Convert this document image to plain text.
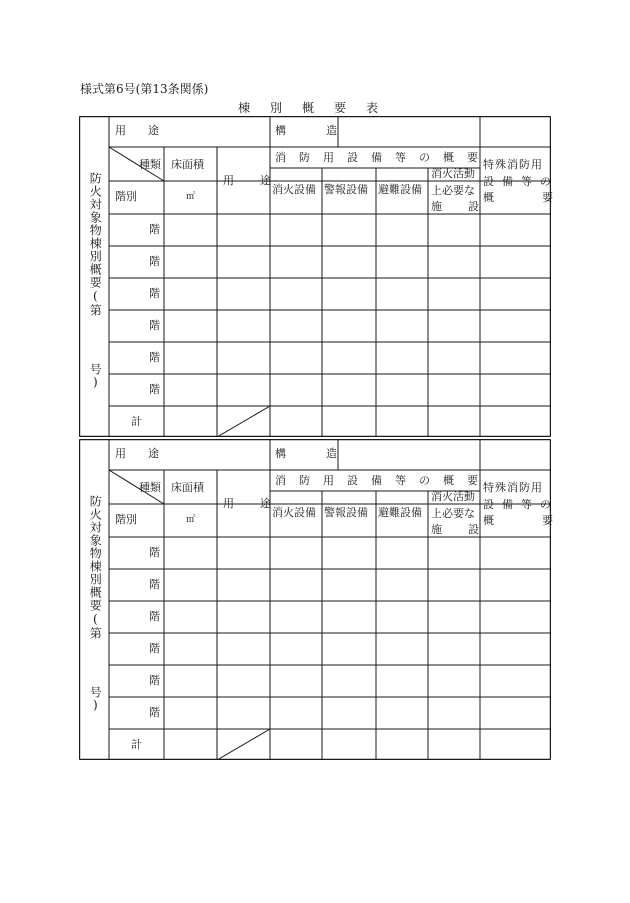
様式第6号(第13条関係)
棟別概要表
防火対象物棟別概要(第
号)
用途	構造
種類
階別
床面積
㎡
用途
消防用設備等の概要
消火設備 警報設備 避難設備
消火活動
上必要な
施設
特殊消防用
設備等の
概要
階
階
階
階
階
階
計
防火対象物棟別概要(第
号)
用途	構造
種類
階別
床面積
㎡
用途
消防用設備等の概要
消火設備 警報設備 避難設備
消火活動
上必要な
施設
特殊消防用
設備等の
概要
階
階
階
階
階
階
計
